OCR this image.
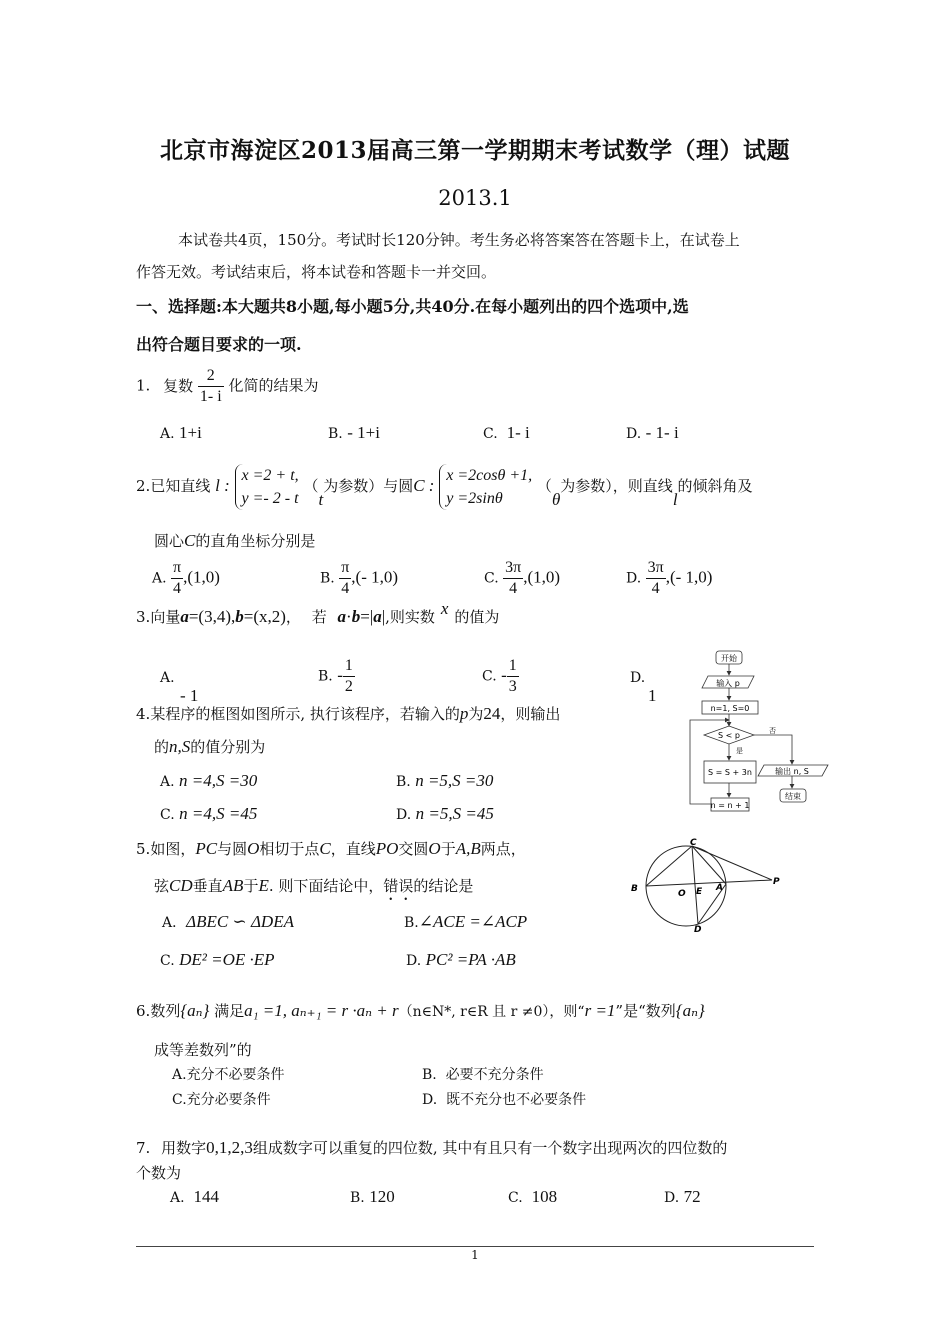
北京市海淀区2013届高三第一学期期末考试数学（理）试题
2013.1
本试卷共4页，150分。考试时长120分钟。考生务必将答案答在答题卡上，在试卷上
作答无效。考试结束后，将本试卷和答题卡一并交回。
一、选择题:本大题共8小题,每小题5分,共40分.在每小题列出的四个选项中,选
出符合题目要求的一项.
1. 复数 $\frac{2}{1- i}$ 化简的结果为
A. 1+i	B. - 1+i	C. 1- i	D. - 1- i
2.已知直线 l :
x =2 + t,
y =- 2 - t
（t为参数）与圆C :
x =2cosθ +1,
y =2sinθ
（θ为参数），则直线l的倾斜角及
圆心C的直角坐标分别是
A. $\frac{\pi}{4} ,(1,0)$	B. $\frac{\pi}{4}$ ,(- 1,0)	C. $\frac{3\pi}{4} ,(1,0)$	D. $\frac{3\pi}{4}$ ,(- 1,0)
3.向量a=(3,4),b=(x,2)， 若 a·b=|a|,则实数 x 的值为
A.
- 1
B. - $\frac{1}{2}$	C. - $\frac{1}{3}$	D.
1
4.某程序的框图如图所示, 执行该程序，若输入的p为24，则输出
的n,S的值分别为
A. n =4,S =30	B. n =5,S =30
C. n =4,S =45	D. n =5,S =45
开始
输入 p
n=1, S=0
S < p
是
否
S = S + 3n	输出 n, S
结束
n = n + 1
5.如图，PC与圆O相切于点C，直线PO交圆O于A,B两点，
弦CD垂直AB于E. 则下面结论中，错误的结论是
A．ΔBEC ∽ ΔDEA	B.∠ACE =∠ACP
C. DE² =OE ·EP	D. PC² =PA ·AB
C
B	O E A
P
D
6.数列{aₙ} 满足a₁ =1, aₙ₊₁ = r ·aₙ + r（n∈N*, r∈R 且 r ≠0），则“r =1”是“数列{aₙ}
成等差数列”的
A.充分不必要条件	B. 必要不充分条件
C.充分必要条件	D. 既不充分也不必要条件
7. 用数字0,1,2,3组成数字可以重复的四位数, 其中有且只有一个数字出现两次的四位数的
个数为
A. 144	B. 120	C. 108	D. 72
1
